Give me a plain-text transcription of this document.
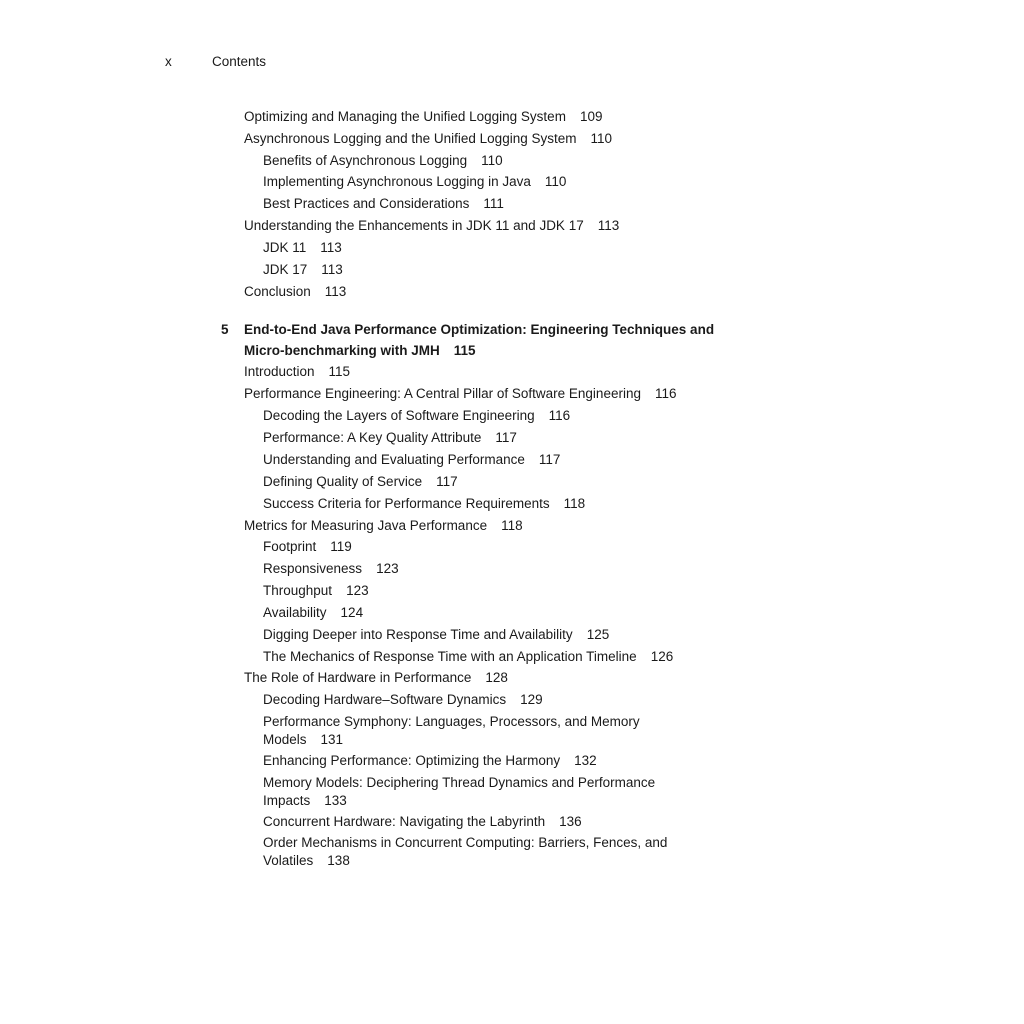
x	Contents
Optimizing and Managing the Unified Logging System 109
Asynchronous Logging and the Unified Logging System 110
Benefits of Asynchronous Logging 110
Implementing Asynchronous Logging in Java 110
Best Practices and Considerations 111
Understanding the Enhancements in JDK 11 and JDK 17 113
JDK 11 113
JDK 17 113
Conclusion 113
5	End-to-End Java Performance Optimization: Engineering Techniques and
Micro-benchmarking with JMH 115
Introduction 115
Performance Engineering: A Central Pillar of Software Engineering 116
Decoding the Layers of Software Engineering 116
Performance: A Key Quality Attribute 117
Understanding and Evaluating Performance 117
Defining Quality of Service 117
Success Criteria for Performance Requirements 118
Metrics for Measuring Java Performance 118
Footprint 119
Responsiveness 123
Throughput 123
Availability 124
Digging Deeper into Response Time and Availability 125
The Mechanics of Response Time with an Application Timeline 126
The Role of Hardware in Performance 128
Decoding Hardware–Software Dynamics 129
Performance Symphony: Languages, Processors, and Memory
Models 131
Enhancing Performance: Optimizing the Harmony 132
Memory Models: Deciphering Thread Dynamics and Performance
Impacts 133
Concurrent Hardware: Navigating the Labyrinth 136
Order Mechanisms in Concurrent Computing: Barriers, Fences, and
Volatiles 138
